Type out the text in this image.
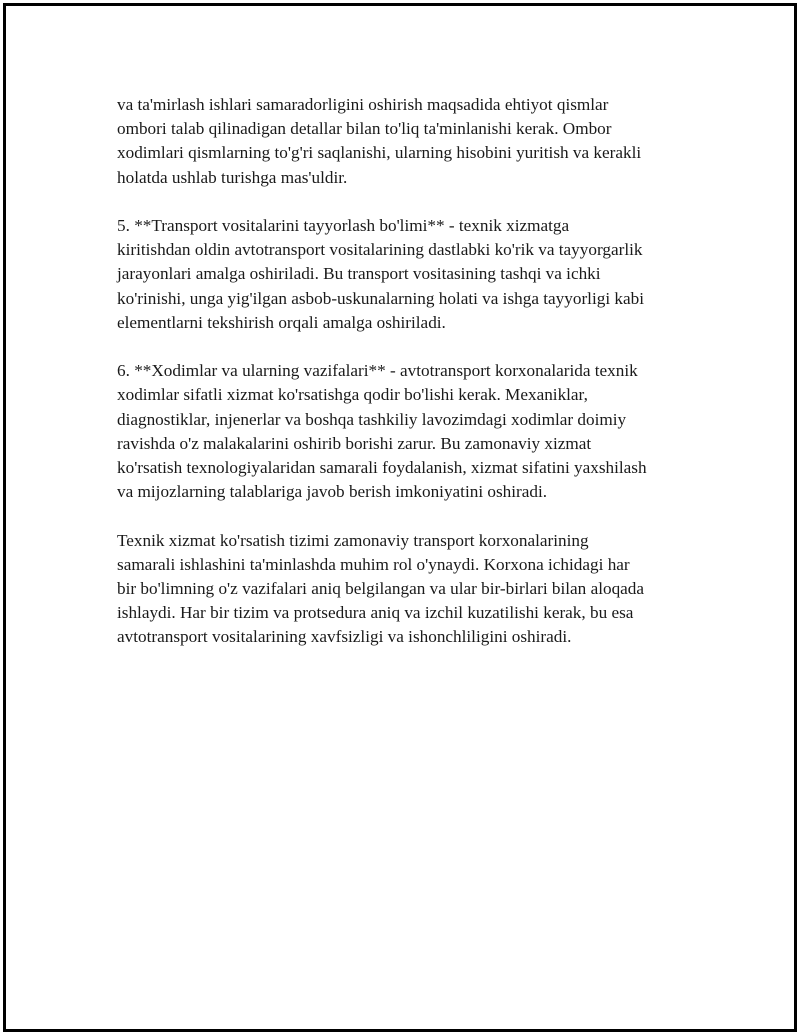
va ta'mirlash ishlari samaradorligini oshirish maqsadida ehtiyot qismlar
ombori talab qilinadigan detallar bilan to'liq ta'minlanishi kerak. Ombor
xodimlari qismlarning to'g'ri saqlanishi, ularning hisobini yuritish va kerakli
holatda ushlab turishga mas'uldir.

5. **Transport vositalarini tayyorlash bo'limi** - texnik xizmatga
kiritishdan oldin avtotransport vositalarining dastlabki ko'rik va tayyorgarlik
jarayonlari amalga oshiriladi. Bu transport vositasining tashqi va ichki
ko'rinishi, unga yig'ilgan asbob-uskunalarning holati va ishga tayyorligi kabi
elementlarni tekshirish orqali amalga oshiriladi.

6. **Xodimlar va ularning vazifalari** - avtotransport korxonalarida texnik
xodimlar sifatli xizmat ko'rsatishga qodir bo'lishi kerak. Mexaniklar,
diagnostiklar, injenerlar va boshqa tashkiliy lavozimdagi xodimlar doimiy
ravishda o'z malakalarini oshirib borishi zarur. Bu zamonaviy xizmat
ko'rsatish texnologiyalaridan samarali foydalanish, xizmat sifatini yaxshilash
va mijozlarning talablariga javob berish imkoniyatini oshiradi.

Texnik xizmat ko'rsatish tizimi zamonaviy transport korxonalarining
samarali ishlashini ta'minlashda muhim rol o'ynaydi. Korxona ichidagi har
bir bo'limning o'z vazifalari aniq belgilangan va ular bir-birlari bilan aloqada
ishlaydi. Har bir tizim va protsedura aniq va izchil kuzatilishi kerak, bu esa
avtotransport vositalarining xavfsizligi va ishonchliligini oshiradi.
